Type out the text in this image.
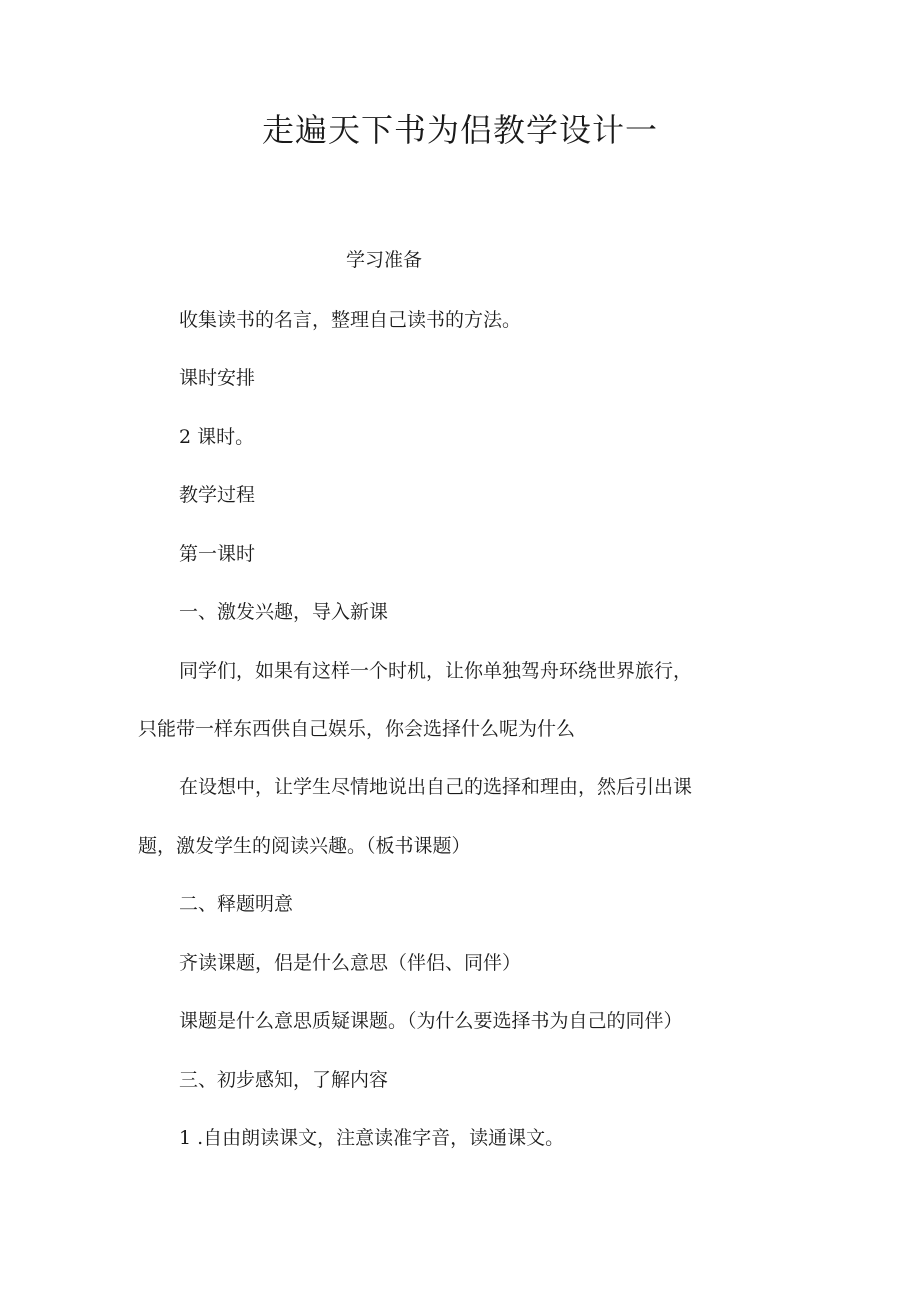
走遍天下书为侣教学设计一

学习准备

收集读书的名言，整理自己读书的方法。

课时安排

2 课时。

教学过程

第一课时

一、激发兴趣，导入新课

同学们，如果有这样一个时机，让你单独驾舟环绕世界旅行，

只能带一样东西供自己娱乐，你会选择什么呢为什么

在设想中，让学生尽情地说出自己的选择和理由，然后引出课

题，激发学生的阅读兴趣。（板书课题）

二、释题明意

齐读课题，侣是什么意思（伴侣、同伴）

课题是什么意思质疑课题。（为什么要选择书为自己的同伴）

三、初步感知，了解内容

1 .自由朗读课文，注意读准字音，读通课文。
